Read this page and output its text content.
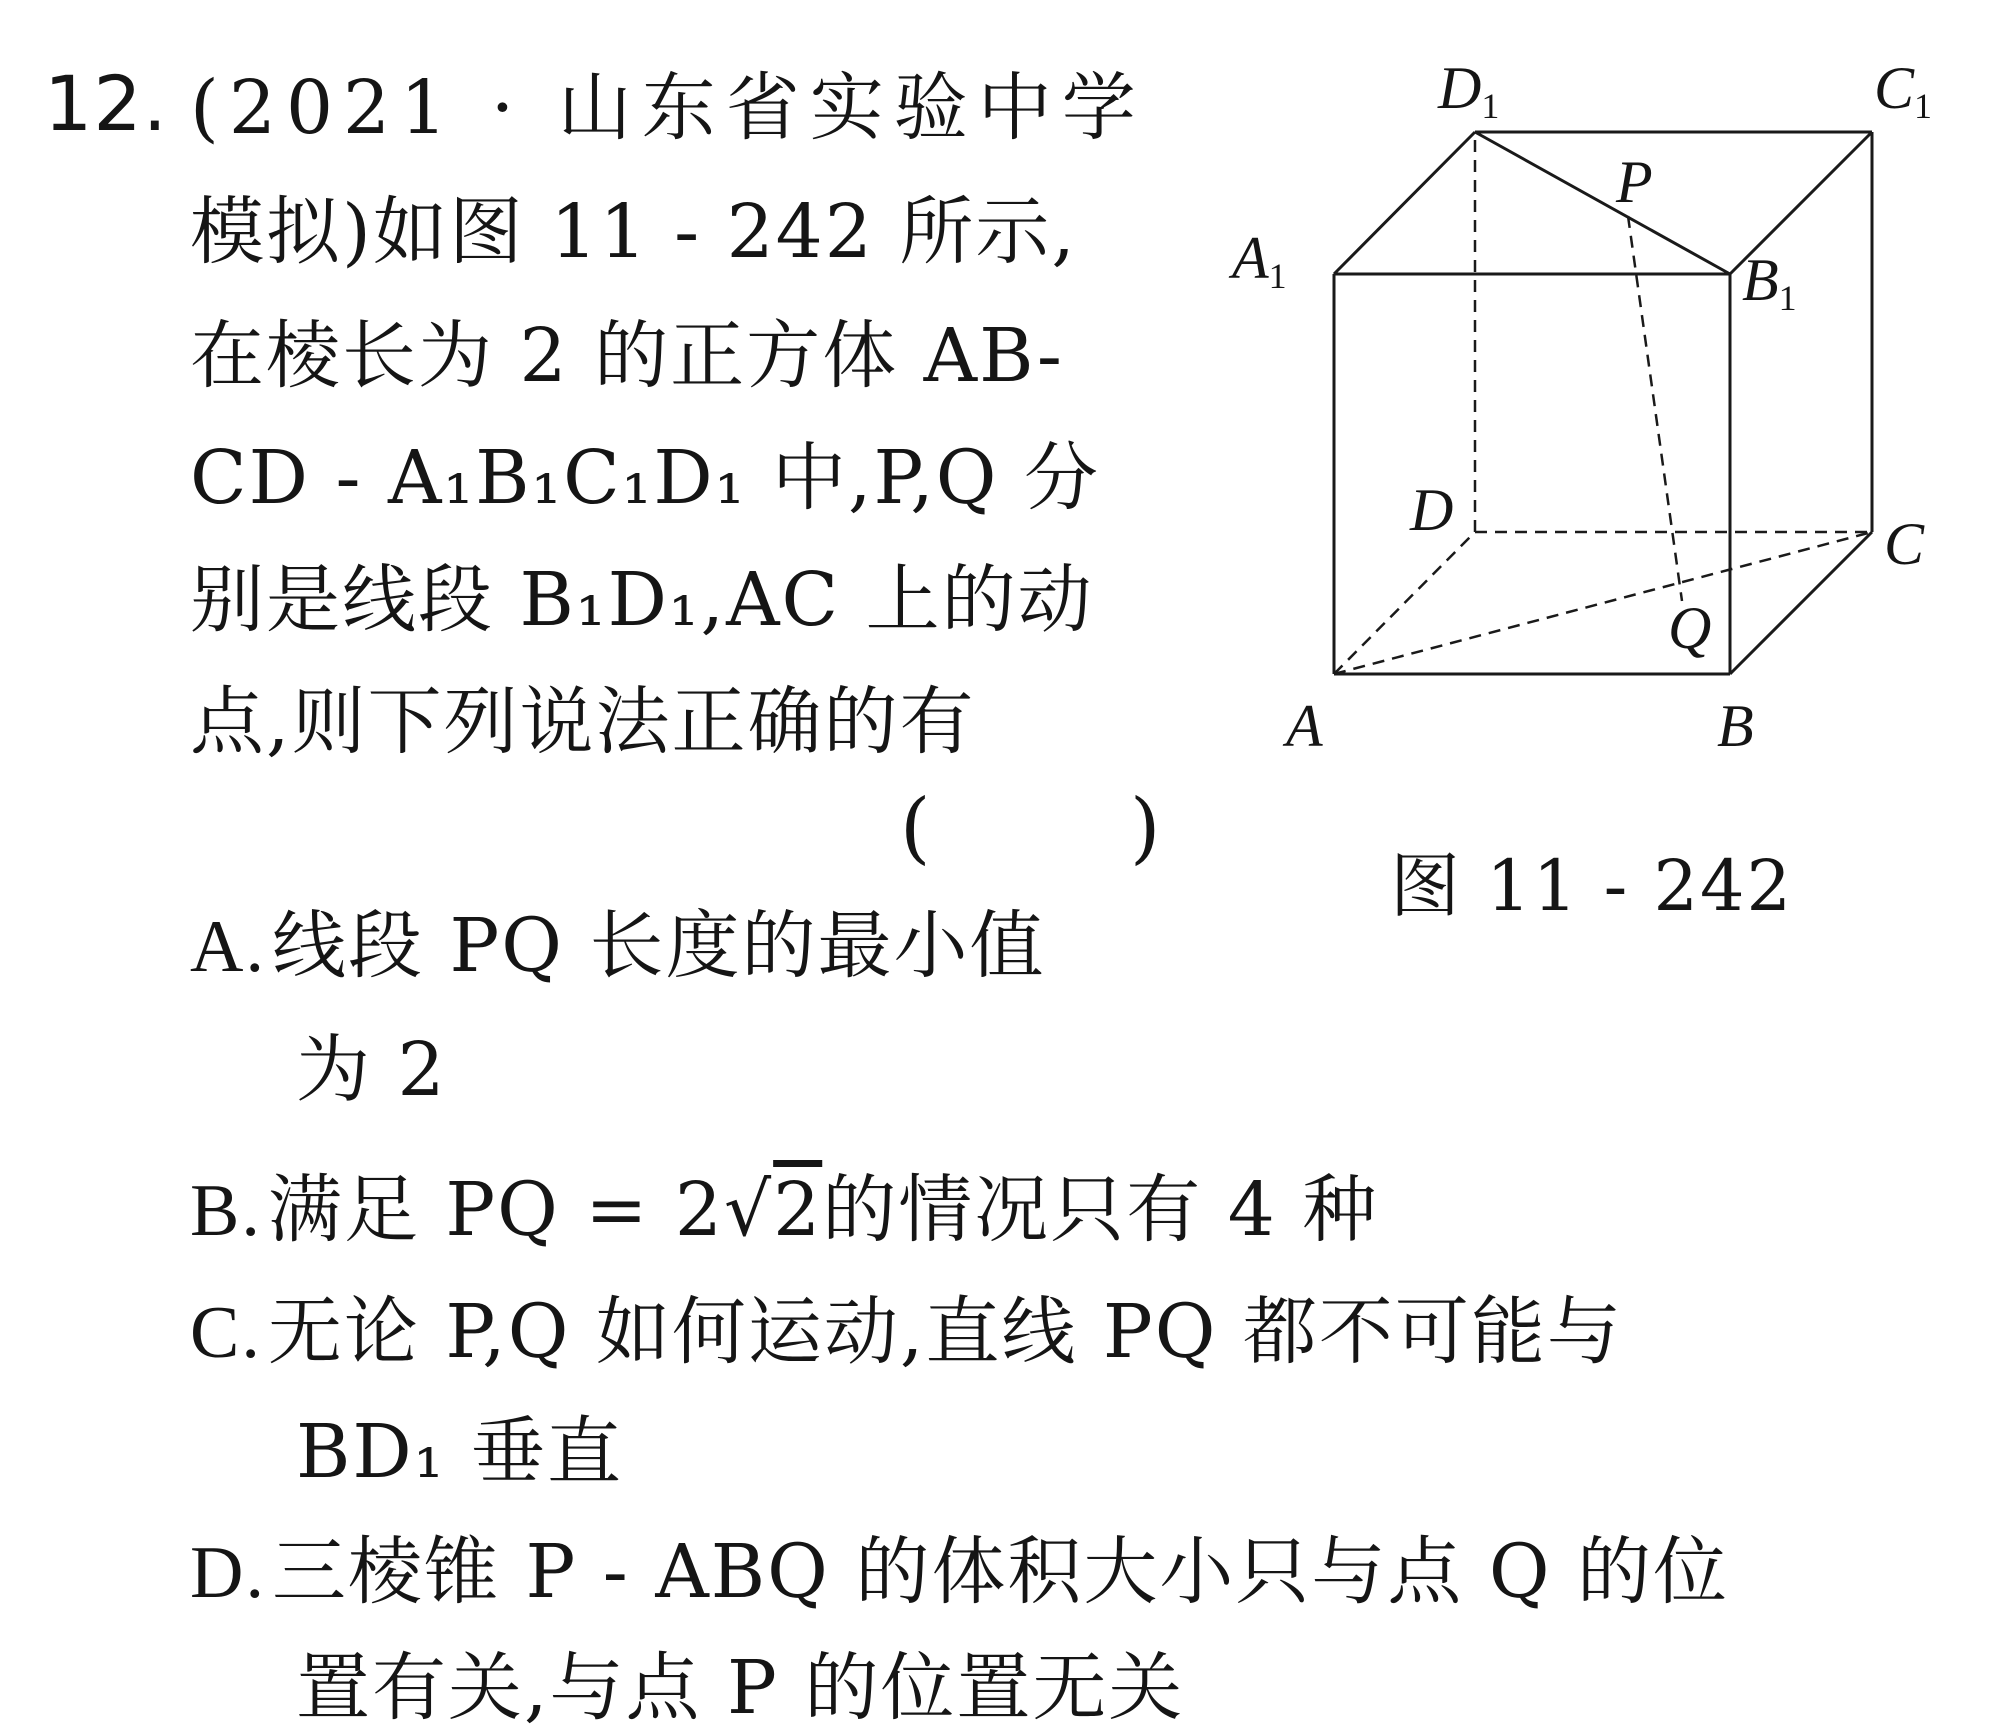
12. (2021 · 山东省实验中学
模拟)如图 11 - 242 所示,
在棱长为 2 的正方体 AB-
CD - A₁B₁C₁D₁ 中,P,Q 分
别是线段 B₁D₁,AC 上的动
点,则下列说法正确的有
(	)
A.线段 PQ 长度的最小值
为 2
B.满足 PQ = 2√2的情况只有 4 种
C.无论 P,Q 如何运动,直线 PQ 都不可能与
BD₁ 垂直
D.三棱锥 P - ABQ 的体积大小只与点 Q 的位
置有关,与点 P 的位置无关
D1	C1
A1	B1
P
D
C
Q
A	B
图 11 - 242
